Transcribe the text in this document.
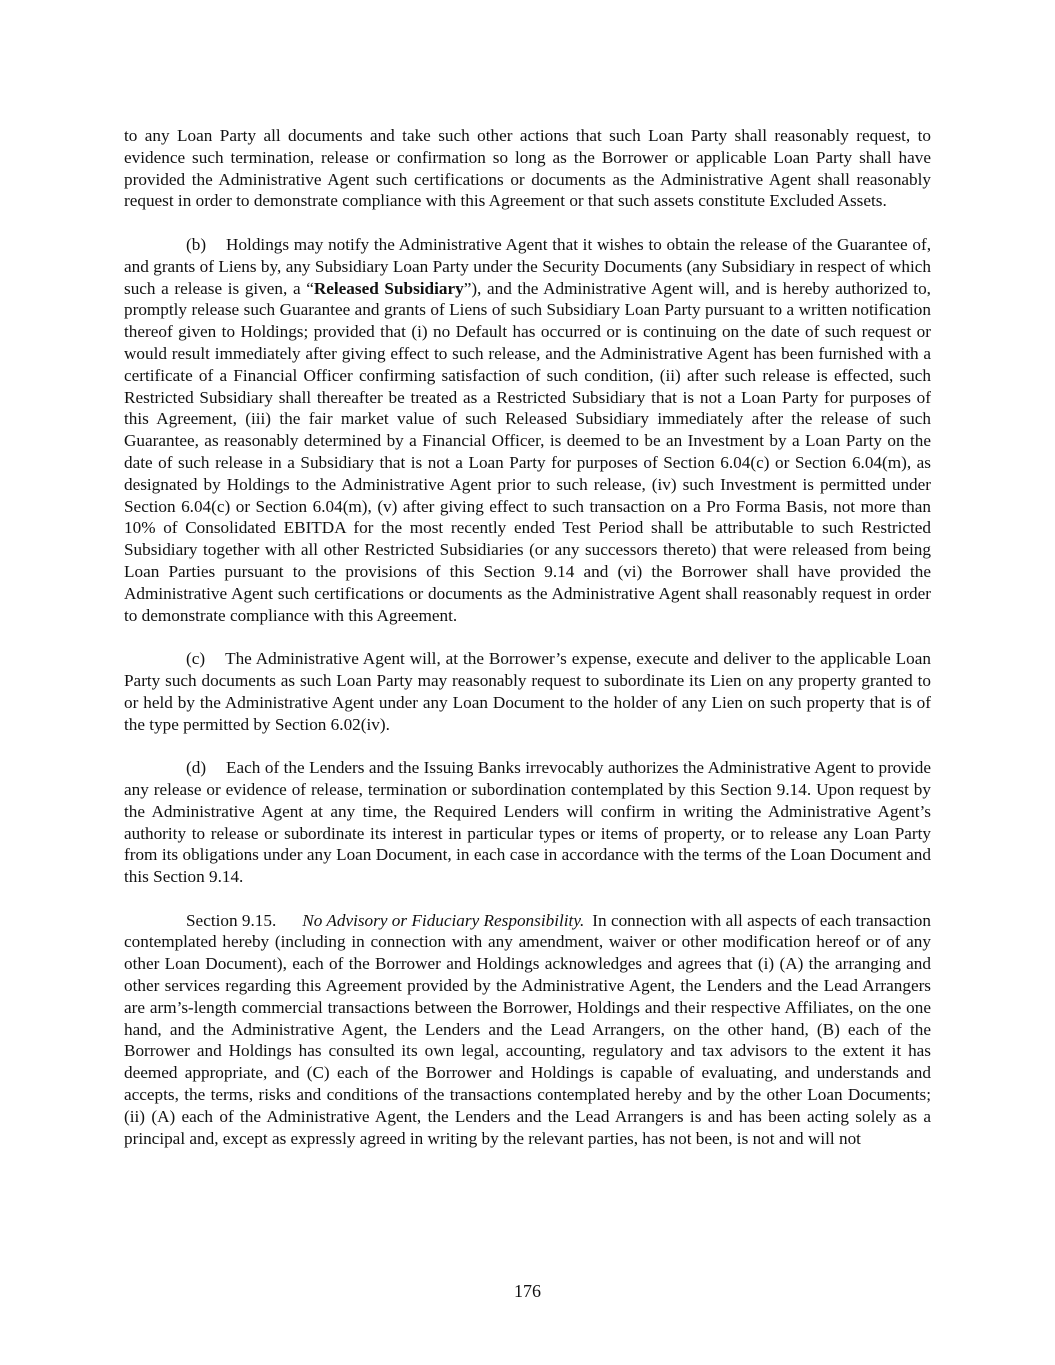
to any Loan Party all documents and take such other actions that such Loan Party shall reasonably request, to evidence such termination, release or confirmation so long as the Borrower or applicable Loan Party shall have provided the Administrative Agent such certifications or documents as the Administrative Agent shall reasonably request in order to demonstrate compliance with this Agreement or that such assets constitute Excluded Assets.

(b) Holdings may notify the Administrative Agent that it wishes to obtain the release of the Guarantee of, and grants of Liens by, any Subsidiary Loan Party under the Security Documents (any Subsidiary in respect of which such a release is given, a “Released Subsidiary”), and the Administrative Agent will, and is hereby authorized to, promptly release such Guarantee and grants of Liens of such Subsidiary Loan Party pursuant to a written notification thereof given to Holdings; provided that (i) no Default has occurred or is continuing on the date of such request or would result immediately after giving effect to such release, and the Administrative Agent has been furnished with a certificate of a Financial Officer confirming satisfaction of such condition, (ii) after such release is effected, such Restricted Subsidiary shall thereafter be treated as a Restricted Subsidiary that is not a Loan Party for purposes of this Agreement, (iii) the fair market value of such Released Subsidiary immediately after the release of such Guarantee, as reasonably determined by a Financial Officer, is deemed to be an Investment by a Loan Party on the date of such release in a Subsidiary that is not a Loan Party for purposes of Section 6.04(c) or Section 6.04(m), as designated by Holdings to the Administrative Agent prior to such release, (iv) such Investment is permitted under Section 6.04(c) or Section 6.04(m), (v) after giving effect to such transaction on a Pro Forma Basis, not more than 10% of Consolidated EBITDA for the most recently ended Test Period shall be attributable to such Restricted Subsidiary together with all other Restricted Subsidiaries (or any successors thereto) that were released from being Loan Parties pursuant to the provisions of this Section 9.14 and (vi) the Borrower shall have provided the Administrative Agent such certifications or documents as the Administrative Agent shall reasonably request in order to demonstrate compliance with this Agreement.

(c) The Administrative Agent will, at the Borrower’s expense, execute and deliver to the applicable Loan Party such documents as such Loan Party may reasonably request to subordinate its Lien on any property granted to or held by the Administrative Agent under any Loan Document to the holder of any Lien on such property that is of the type permitted by Section 6.02(iv).

(d) Each of the Lenders and the Issuing Banks irrevocably authorizes the Administrative Agent to provide any release or evidence of release, termination or subordination contemplated by this Section 9.14. Upon request by the Administrative Agent at any time, the Required Lenders will confirm in writing the Administrative Agent’s authority to release or subordinate its interest in particular types or items of property, or to release any Loan Party from its obligations under any Loan Document, in each case in accordance with the terms of the Loan Document and this Section 9.14.

Section 9.15. No Advisory or Fiduciary Responsibility. In connection with all aspects of each transaction contemplated hereby (including in connection with any amendment, waiver or other modification hereof or of any other Loan Document), each of the Borrower and Holdings acknowledges and agrees that (i) (A) the arranging and other services regarding this Agreement provided by the Administrative Agent, the Lenders and the Lead Arrangers are arm’s-length commercial transactions between the Borrower, Holdings and their respective Affiliates, on the one hand, and the Administrative Agent, the Lenders and the Lead Arrangers, on the other hand, (B) each of the Borrower and Holdings has consulted its own legal, accounting, regulatory and tax advisors to the extent it has deemed appropriate, and (C) each of the Borrower and Holdings is capable of evaluating, and understands and accepts, the terms, risks and conditions of the transactions contemplated hereby and by the other Loan Documents; (ii) (A) each of the Administrative Agent, the Lenders and the Lead Arrangers is and has been acting solely as a principal and, except as expressly agreed in writing by the relevant parties, has not been, is not and will not

176
